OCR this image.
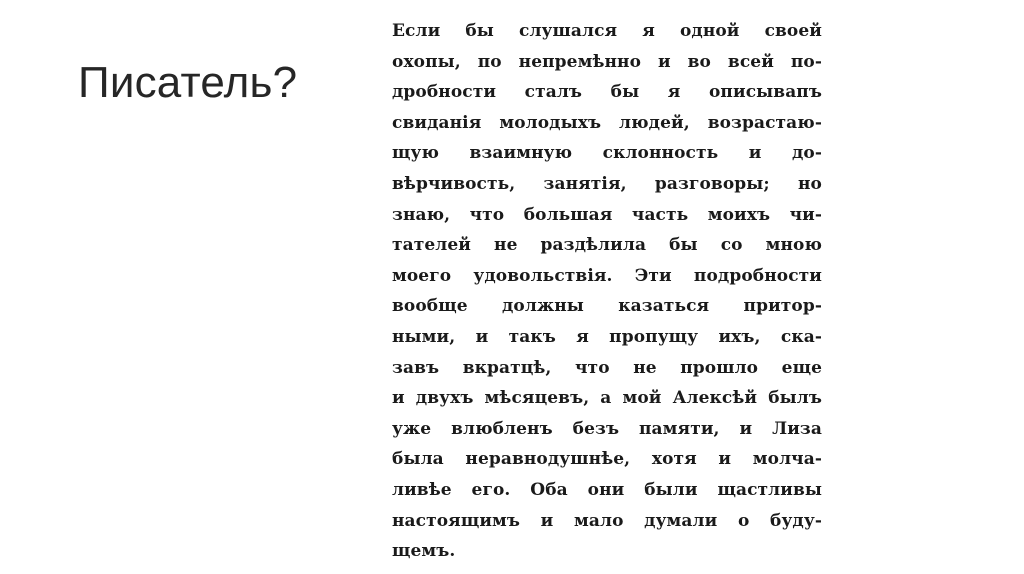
Писатель?
Если бы слушался я одной своей
охопы, по непремѣнно и во всей по-
дробности сталъ бы я описывапъ
свиданія молодыхъ людей, возрастаю-
щую взаимную склонность и до-
вѣрчивость, занятія, разговоры; но
знаю, что большая часть моихъ чи-
тателей не раздѣлила бы со мною
моего удовольствія. Эти подробности
вообще должны казаться притор-
ными, и такъ я пропущу ихъ, ска-
завъ вкратцѣ, что не прошло еще
и двухъ мѣсяцевъ, а мой Алексѣй былъ
уже влюбленъ безъ памяти, и Лиза
была неравнодушнѣе, хотя и молча-
ливѣе его. Оба они были щастливы
настоящимъ и мало думали о буду-
щемъ.
